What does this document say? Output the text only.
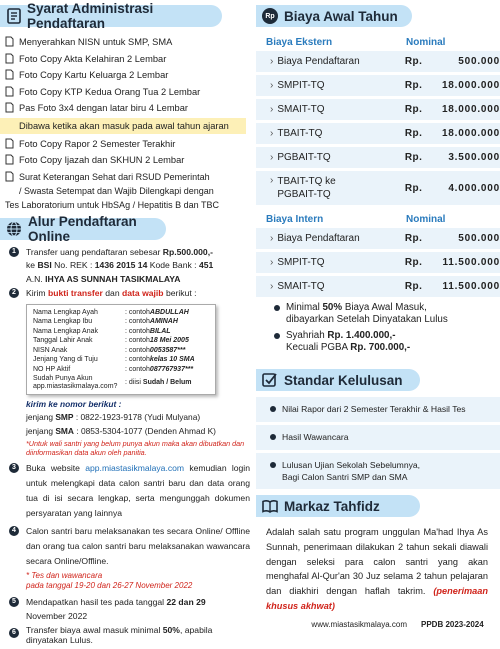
Syarat Administrasi Pendaftaran
Menyerahkan NISN untuk SMP, SMA
Foto Copy Akta Kelahiran 2 Lembar
Foto Copy Kartu Keluarga 2 Lembar
Foto Copy KTP Kedua Orang Tua 2 Lembar
Pas Foto 3x4 dengan latar biru 4 Lembar
Dibawa ketika akan masuk pada awal tahun ajaran
Foto Copy Rapor 2 Semester Terakhir
Foto Copy Ijazah dan SKHUN 2 Lembar
Surat Keterangan Sehat dari RSUD Pemerintah
/ Swasta Setempat dan Wajib Dilengkapi dengan
Tes Laboratorium untuk HbSAg / Hepatitis B dan TBC
Alur Pendaftaran Online
1	Transfer uang pendaftaran sebesar Rp.500.000,-
ke BSI No. REK : 1436 2015 14 Kode Bank : 451
A.N. IHYA AS SUNNAH TASIKMALAYA
2	Kirim bukti transfer dan data wajib berikut :
Nama Lengkap Ayah	: contoh ABDULLAH
Nama Lengkap Ibu	: contoh AMINAH
Nama Lengkap Anak	: contoh BILAL
Tanggal Lahir Anak	: contoh 18 Mei 2005
NISN Anak	: contoh 0053587***
Jenjang Yang di Tuju	: contoh kelas 10 SMA
NO HP Aktif	: contoh 087767937***
Sudah Punya Akun
app.miastasikmalaya.com?
: diisi Sudah / Belum
kirim ke nomor berikut :
jenjang SMP : 0822-1923-9178 (Yudi Mulyana)
jenjang SMA : 0853-5304-1077 (Denden Ahmad K)
*Untuk wali santri yang belum punya akun maka akan dibuatkan dan diinformasikan data akun oleh panitia.
3	Buka website app.miastasikmalaya.com kemudian login untuk melengkapi data calon santri baru dan data orang tua di isi secara lengkap, serta mengunggah dokumen persyaratan yang lainnya
4	Calon santri baru melaksanakan tes secara Online/ Offline dan orang tua calon santri baru melaksanakan wawancara secara Online/Offline.
* Tes dan wawancara
pada tanggal 19-20 dan 26-27 November 2022
5	Mendapatkan hasil tes pada tanggal 22 dan 29
November 2022
6	Transfer biaya awal masuk minimal 50%, apabila dinyatakan Lulus.
Rp Biaya Awal Tahun
Biaya Ekstern	Nominal
› Biaya Pendaftaran	Rp.	500.000
› SMPIT-TQ	Rp.	18.000.000
› SMAIT-TQ	Rp.	18.000.000
› TBAIT-TQ	Rp.	18.000.000
› PGBAIT-TQ	Rp.	3.500.000
› TBAIT-TQ ke
PGBAIT-TQ
Rp.	4.000.000
Biaya Intern	Nominal
› Biaya Pendaftaran	Rp.	500.000
› SMPIT-TQ	Rp.	11.500.000
› SMAIT-TQ	Rp.	11.500.000
Minimal 50% Biaya Awal Masuk,
dibayarkan Setelah Dinyatakan Lulus
Syahriah Rp. 1.400.000,-
Kecuali PGBA Rp. 700.000,-
Standar Kelulusan
Nilai Rapor dari 2 Semester Terakhir & Hasil Tes
Hasil Wawancara
Lulusan Ujian Sekolah Sebelumnya,
Bagi Calon Santri SMP dan SMA
Markaz Tahfidz
Adalah salah satu program unggulan Ma'had Ihya As Sunnah, penerimaan dilakukan 2 tahun sekali diawali dengan seleksi para calon santri yang akan menghafal Al-Qur'an 30 Juz selama 2 tahun pelajaran dan diakhiri dengan haflah takrim. (penerimaan khusus akhwat)
www.miastasikmalaya.com	PPDB 2023-2024
